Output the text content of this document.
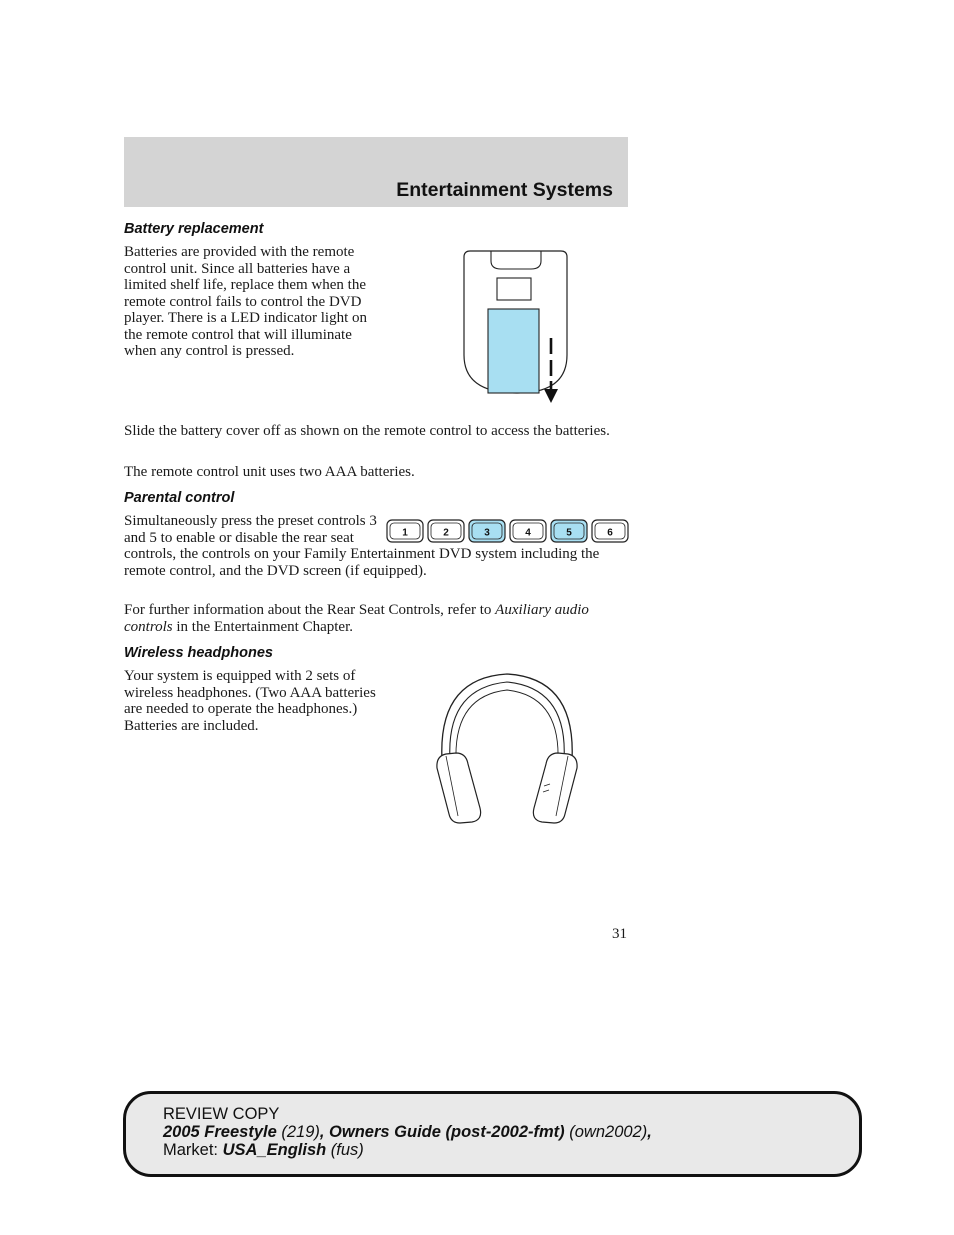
Entertainment Systems
Battery replacement

Batteries are provided with the remote control unit. Since all batteries have a limited shelf life, replace them when the remote control fails to control the DVD player. There is a LED indicator light on the remote control that will illuminate when any control is pressed.

Slide the battery cover off as shown on the remote control to access the batteries.

The remote control unit uses two AAA batteries.

Parental control

Simultaneously press the preset controls 3 and 5 to enable or disable the rear seat controls, the controls on your Family Entertainment DVD system including the remote control, and the DVD screen (if equipped).

1	2	3	4	5	6

For further information about the Rear Seat Controls, refer to Auxiliary audio controls in the Entertainment Chapter.

Wireless headphones

Your system is equipped with 2 sets of wireless headphones. (Two AAA batteries are needed to operate the headphones.) Batteries are included.

31

REVIEW COPY
2005 Freestyle (219), Owners Guide (post-2002-fmt) (own2002),
Market: USA_English (fus)
